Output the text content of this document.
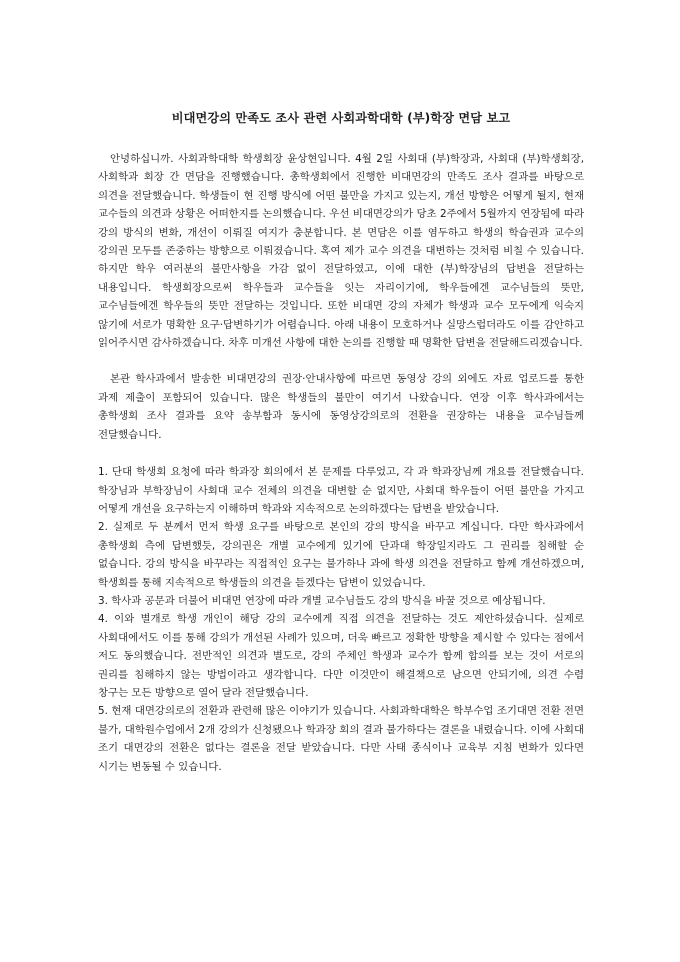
비대면강의 만족도 조사 관련 사회과학대학 (부)학장 면담 보고

안녕하십니까. 사회과학대학 학생회장 윤상현입니다. 4월 2일 사회대 (부)학장과, 사회대 (부)학생회장, 사회학과 회장 간 면담을 진행했습니다. 총학생회에서 진행한 비대면강의 만족도 조사 결과를 바탕으로 의견을 전달했습니다. 학생들이 현 진행 방식에 어떤 불만을 가지고 있는지, 개선 방향은 어떻게 될지, 현재 교수들의 의견과 상황은 어떠한지를 논의했습니다. 우선 비대면강의가 당초 2주에서 5월까지 연장됨에 따라 강의 방식의 변화, 개선이 이뤄질 여지가 충분합니다. 본 면담은 이를 염두하고 학생의 학습권과 교수의 강의권 모두를 존중하는 방향으로 이뤄졌습니다. 혹여 제가 교수 의견을 대변하는 것처럼 비칠 수 있습니다. 하지만 학우 여러분의 불만사항을 가감 없이 전달하였고, 이에 대한 (부)학장님의 답변을 전달하는 내용입니다. 학생회장으로써 학우들과 교수들을 잇는 자리이기에, 학우들에겐 교수님들의 뜻만, 교수님들에겐 학우들의 뜻만 전달하는 것입니다. 또한 비대면 강의 자체가 학생과 교수 모두에게 익숙지 않기에 서로가 명확한 요구·답변하기가 어렵습니다. 아래 내용이 모호하거나 실망스럽더라도 이를 감안하고 읽어주시면 감사하겠습니다. 차후 미개선 사항에 대한 논의를 진행할 때 명확한 답변을 전달해드리겠습니다.

본관 학사과에서 발송한 비대면강의 권장·안내사항에 따르면 동영상 강의 외에도 자료 업로드를 통한 과제 제출이 포함되어 있습니다. 많은 학생들의 불만이 여기서 나왔습니다. 연장 이후 학사과에서는 총학생회 조사 결과를 요약 송부함과 동시에 동영상강의로의 전환을 권장하는 내용을 교수님들께 전달했습니다.

1. 단대 학생회 요청에 따라 학과장 회의에서 본 문제를 다루었고, 각 과 학과장님께 개요를 전달했습니다. 학장님과 부학장님이 사회대 교수 전체의 의견을 대변할 순 없지만, 사회대 학우들이 어떤 불만을 가지고 어떻게 개선을 요구하는지 이해하며 학과와 지속적으로 논의하겠다는 답변을 받았습니다.

2. 실제로 두 분께서 먼저 학생 요구를 바탕으로 본인의 강의 방식을 바꾸고 계십니다. 다만 학사과에서 총학생회 측에 답변했듯, 강의권은 개별 교수에게 있기에 단과대 학장일지라도 그 권리를 침해할 순 없습니다. 강의 방식을 바꾸라는 직접적인 요구는 불가하나 과에 학생 의견을 전달하고 함께 개선하겠으며, 학생회를 통해 지속적으로 학생들의 의견을 듣겠다는 답변이 있었습니다.

3. 학사과 공문과 더불어 비대면 연장에 따라 개별 교수님들도 강의 방식을 바꿀 것으로 예상됩니다.

4. 이와 별개로 학생 개인이 해당 강의 교수에게 직접 의견을 전달하는 것도 제안하셨습니다. 실제로 사회대에서도 이를 통해 강의가 개선된 사례가 있으며, 더욱 빠르고 정확한 방향을 제시할 수 있다는 점에서 저도 동의했습니다. 전반적인 의견과 별도로, 강의 주체인 학생과 교수가 함께 합의를 보는 것이 서로의 권리를 침해하지 않는 방법이라고 생각합니다. 다만 이것만이 해결책으로 남으면 안되기에, 의견 수렴 창구는 모든 방향으로 열어 달라 전달했습니다.

5. 현재 대면강의로의 전환과 관련해 많은 이야기가 있습니다. 사회과학대학은 학부수업 조기대면 전환 전면 불가, 대학원수업에서 2개 강의가 신청됐으나 학과장 회의 결과 불가하다는 결론을 내렸습니다. 이에 사회대 조기 대면강의 전환은 없다는 결론을 전달 받았습니다. 다만 사태 종식이나 교육부 지침 변화가 있다면 시기는 변동될 수 있습니다.
